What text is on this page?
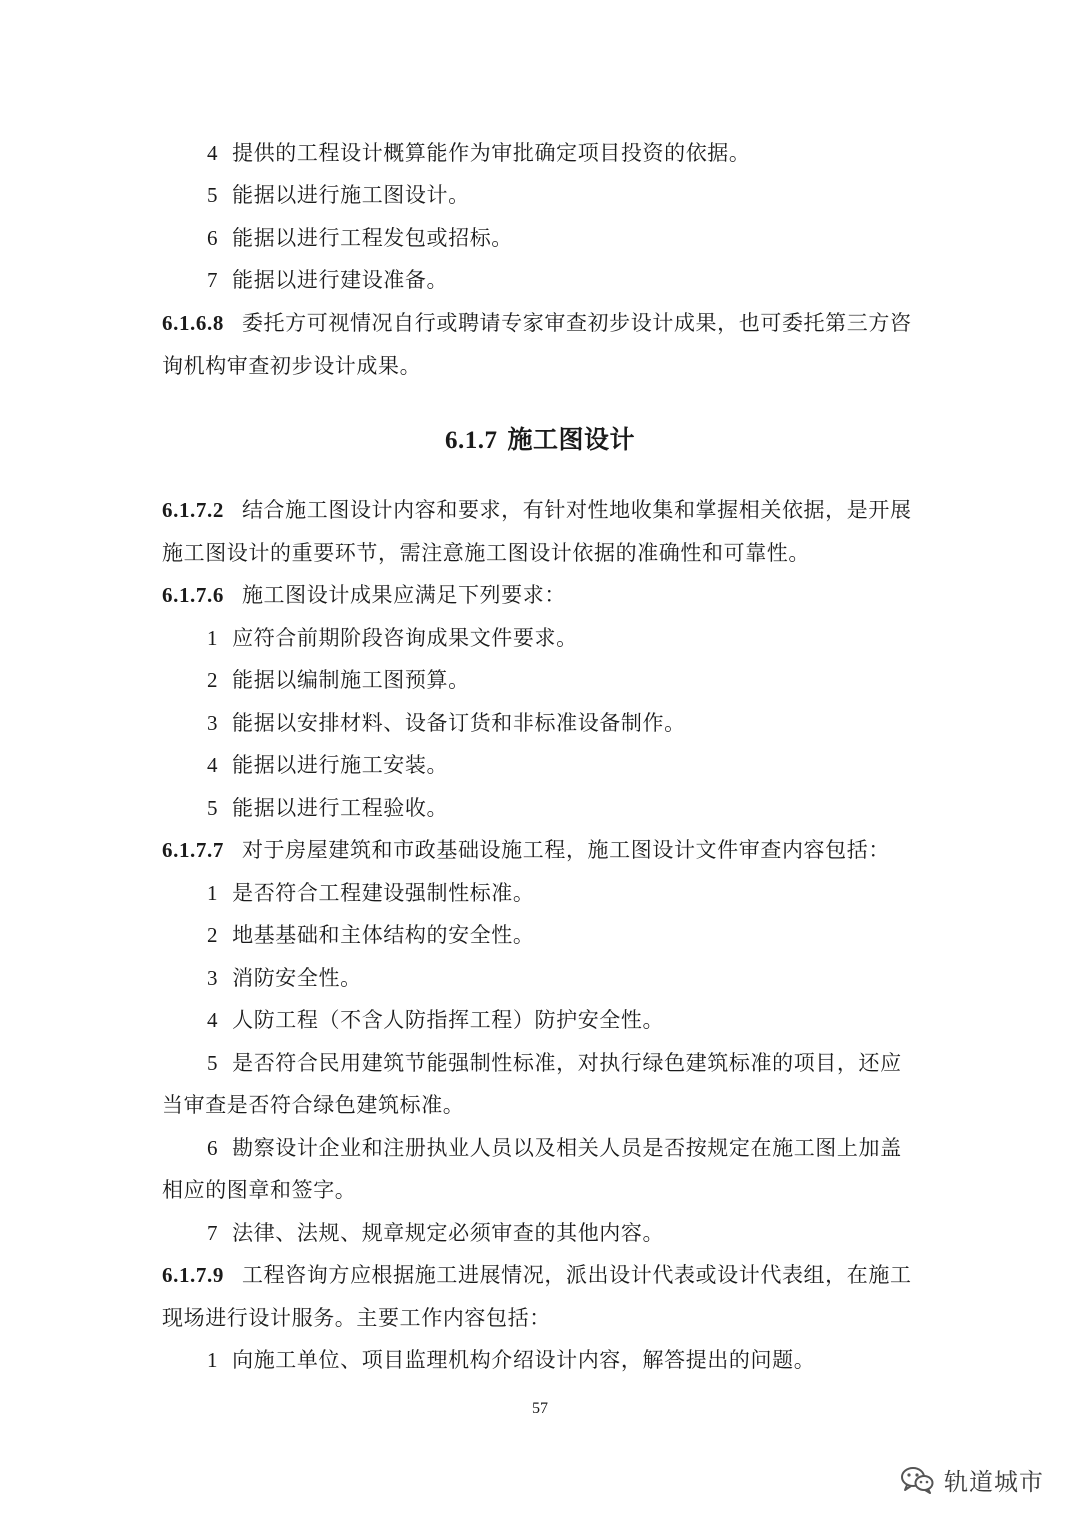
4 提供的工程设计概算能作为审批确定项目投资的依据。
5 能据以进行施工图设计。
6 能据以进行工程发包或招标。
7 能据以进行建设准备。
6.1.6.8 委托方可视情况自行或聘请专家审查初步设计成果，也可委托第三方咨
询机构审查初步设计成果。
6.1.7 施工图设计
6.1.7.2 结合施工图设计内容和要求，有针对性地收集和掌握相关依据，是开展
施工图设计的重要环节，需注意施工图设计依据的准确性和可靠性。
6.1.7.6 施工图设计成果应满足下列要求：
1 应符合前期阶段咨询成果文件要求。
2 能据以编制施工图预算。
3 能据以安排材料、设备订货和非标准设备制作。
4 能据以进行施工安装。
5 能据以进行工程验收。
6.1.7.7 对于房屋建筑和市政基础设施工程，施工图设计文件审查内容包括：
1 是否符合工程建设强制性标准。
2 地基基础和主体结构的安全性。
3 消防安全性。
4 人防工程（不含人防指挥工程）防护安全性。
5 是否符合民用建筑节能强制性标准，对执行绿色建筑标准的项目，还应
当审查是否符合绿色建筑标准。
6 勘察设计企业和注册执业人员以及相关人员是否按规定在施工图上加盖
相应的图章和签字。
7 法律、法规、规章规定必须审查的其他内容。
6.1.7.9 工程咨询方应根据施工进展情况，派出设计代表或设计代表组，在施工
现场进行设计服务。主要工作内容包括：
1 向施工单位、项目监理机构介绍设计内容，解答提出的问题。
57
轨道城市
